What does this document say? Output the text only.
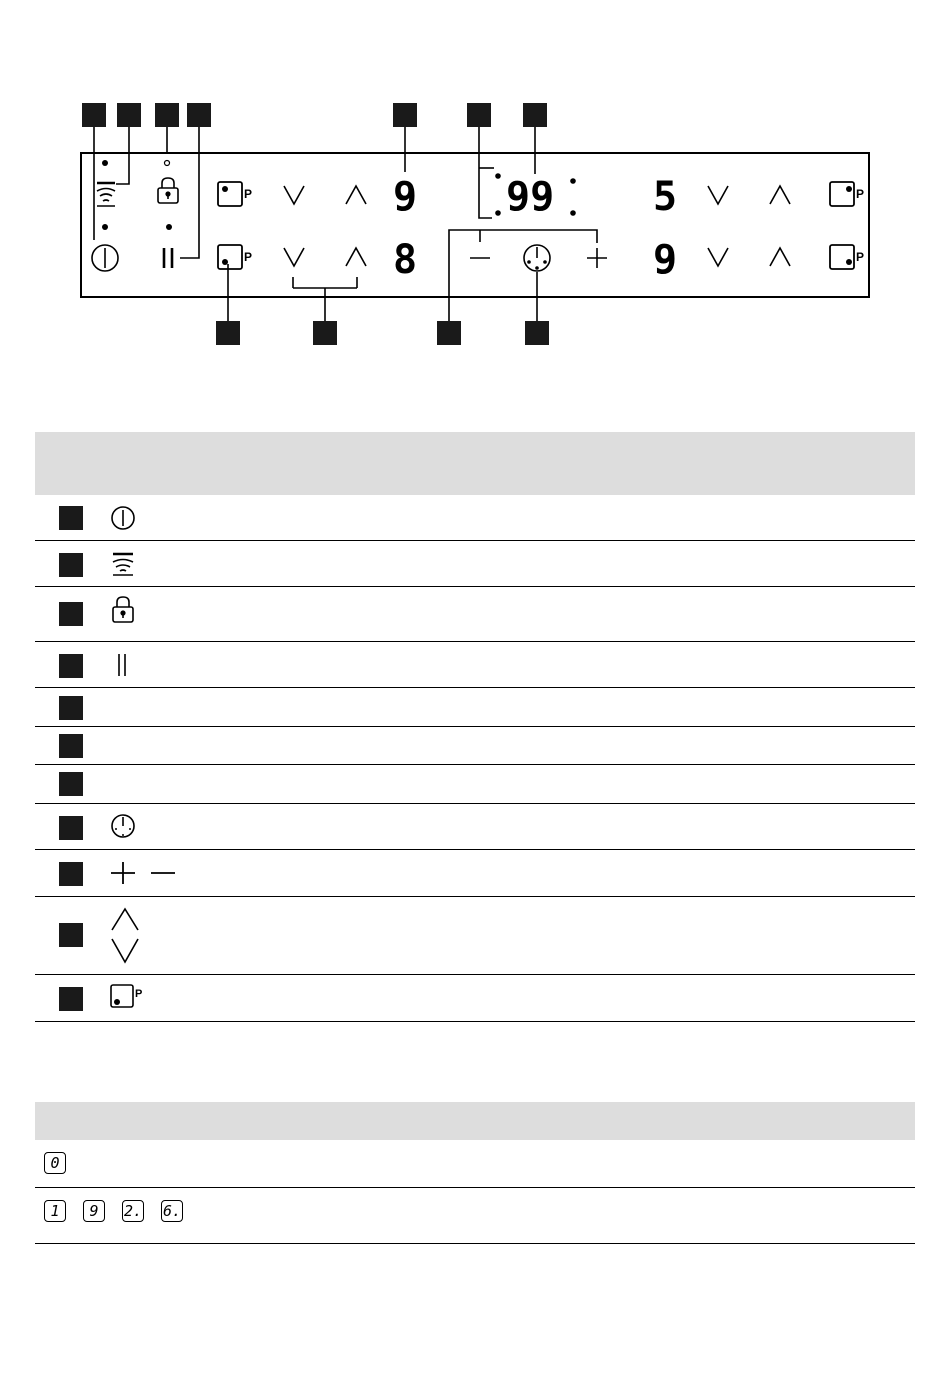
P
P
P
P
9
8
99 5
9
P
0
1	9	2. 6.
